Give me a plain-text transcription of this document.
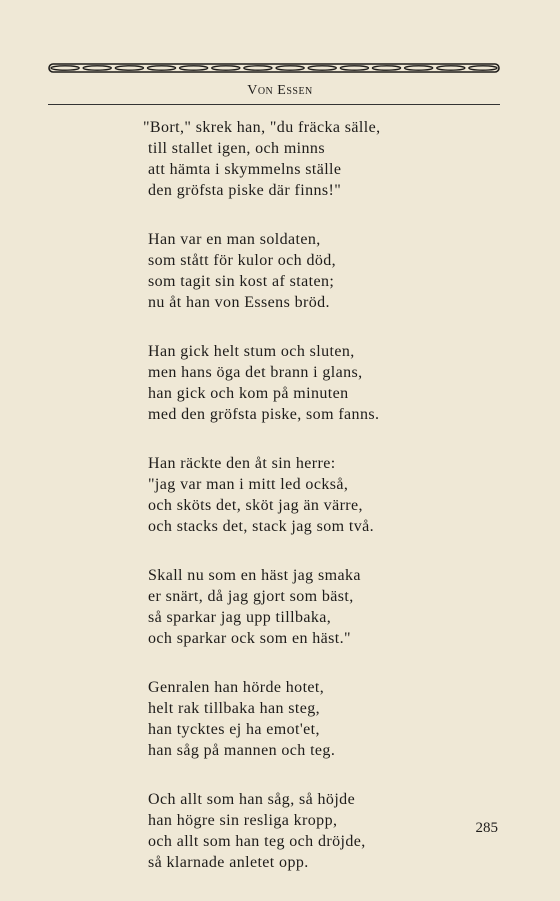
Von Essen
"Bort," skrek han, "du fräcka sälle,
till stallet igen, och minns
att hämta i skymmelns ställe
den gröfsta piske där finns!"
Han var en man soldaten,
som stått för kulor och död,
som tagit sin kost af staten;
nu åt han von Essens bröd.
Han gick helt stum och sluten,
men hans öga det brann i glans,
han gick och kom på minuten
med den gröfsta piske, som fanns.
Han räckte den åt sin herre:
"jag var man i mitt led också,
och sköts det, sköt jag än värre,
och stacks det, stack jag som två.
Skall nu som en häst jag smaka
er snärt, då jag gjort som bäst,
så sparkar jag upp tillbaka,
och sparkar ock som en häst."
Genralen han hörde hotet,
helt rak tillbaka han steg,
han tycktes ej ha emot'et,
han såg på mannen och teg.
Och allt som han såg, så höjde
han högre sin resliga kropp,
och allt som han teg och dröjde,
så klarnade anletet opp.
285
